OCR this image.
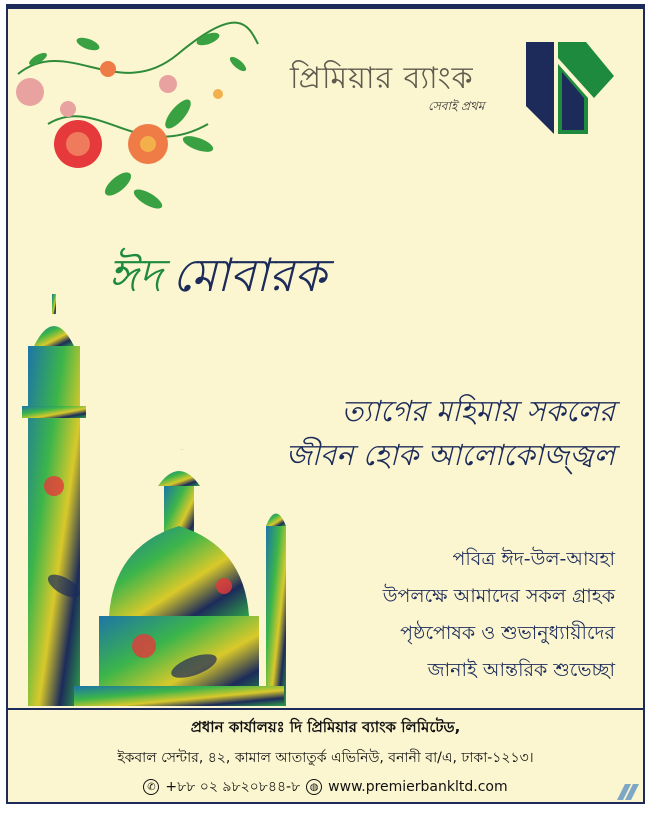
প্রিমিয়ার ব্যাংক
সেবাই প্রথম
ঈদ মোবারক
ত্যাগের মহিমায় সকলের
জীবন হোক আলোকোজ্জ্বল
পবিত্র ঈদ-উল-আযহা
উপলক্ষে আমাদের সকল গ্রাহক
পৃষ্ঠপোষক ও শুভানুধ্যায়ীদের
জানাই আন্তরিক শুভেচ্ছা
প্রধান কার্যালয়ঃ দি প্রিমিয়ার ব্যাংক লিমিটেড,
ইকবাল সেন্টার, ৪২, কামাল আতাতুর্ক এভিনিউ, বনানী বা/এ, ঢাকা-১২১৩।
✆ +৮৮ ০২ ৯৮২০৮৪৪-৮ ◍ www.premierbankltd.com
